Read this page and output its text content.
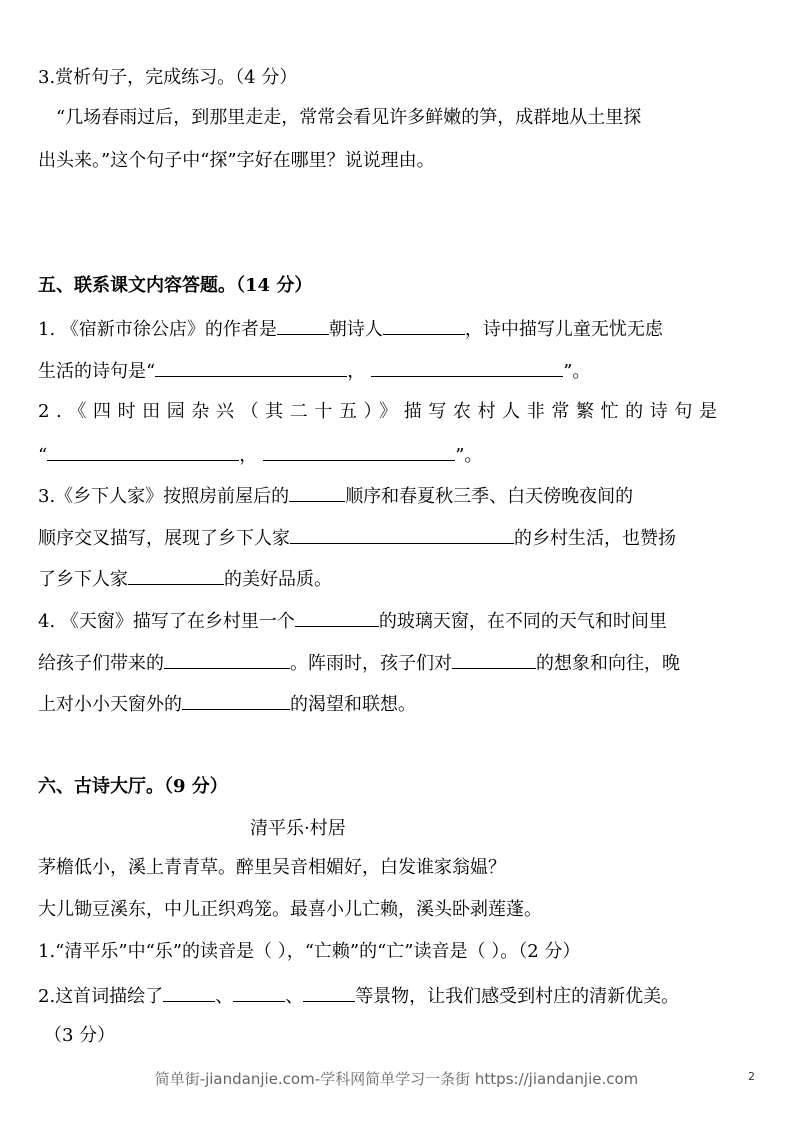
3.赏析句子，完成练习。（4 分）
“几场春雨过后，到那里走走，常常会看见许多鲜嫩的笋，成群地从土里探
出头来。”这个句子中“探”字好在哪里？说说理由。
五、联系课文内容答题。（14 分）
1. 《宿新市徐公店》的作者是	朝诗人	，诗中描写儿童无忧无虑
生活的诗句是“	，	”。
2.《四时田园杂兴（其二十五）》描写农村人非常繁忙的诗句是
“	，	”。
3.《乡下人家》按照房前屋后的	顺序和春夏秋三季、白天傍晚夜间的
顺序交叉描写，展现了乡下人家	的乡村生活，也赞扬
了乡下人家	的美好品质。
4. 《天窗》描写了在乡村里一个	的玻璃天窗，在不同的天气和时间里
给孩子们带来的	。阵雨时，孩子们对	的想象和向往，晚
上对小小天窗外的	的渴望和联想。
六、古诗大厅。（9 分）
清平乐·村居
茅檐低小，溪上青青草。醉里吴音相媚好，白发谁家翁媪？
大儿锄豆溪东，中儿正织鸡笼。最喜小儿亡赖，溪头卧剥莲蓬。
1.“清平乐”中“乐”的读音是（ ），“亡赖”的“亡”读音是（ ）。（2 分）
2.这首词描绘了	、	、	等景物，让我们感受到村庄的清新优美。
（3 分）
简单街-jiandanjie.com-学科网简单学习一条街 https://jiandanjie.com	2
